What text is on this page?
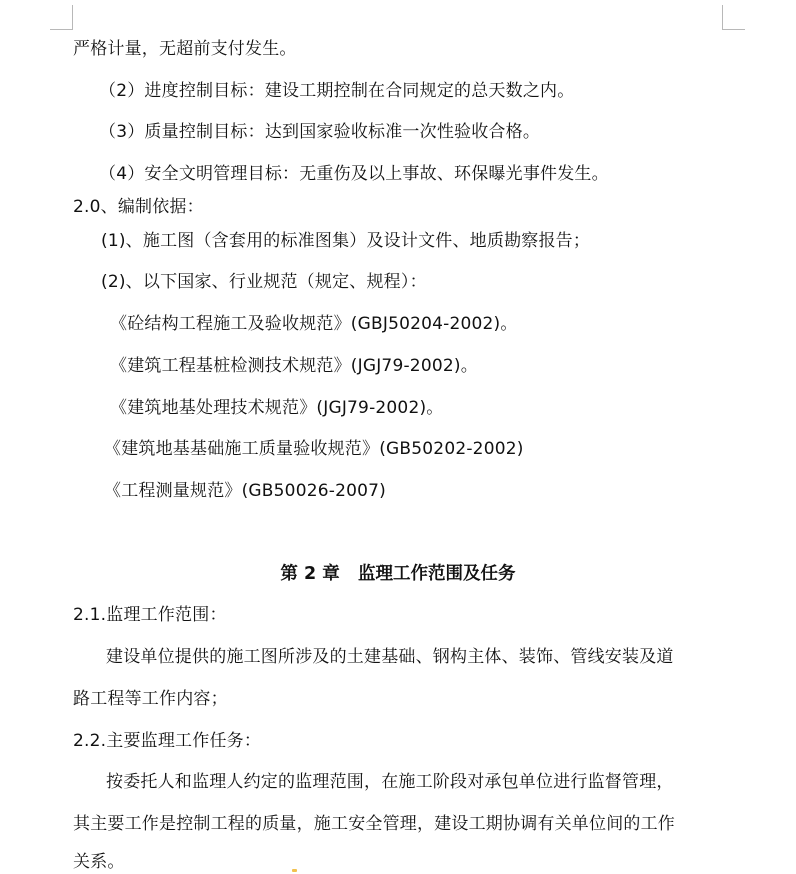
严格计量，无超前支付发生。
（2）进度控制目标：建设工期控制在合同规定的总天数之内。
（3）质量控制目标：达到国家验收标准一次性验收合格。
（4）安全文明管理目标：无重伤及以上事故、环保曝光事件发生。
2.0、编制依据：
(1)、施工图（含套用的标准图集）及设计文件、地质勘察报告；
(2)、以下国家、行业规范（规定、规程）：
《砼结构工程施工及验收规范》(GBJ50204-2002)。
《建筑工程基桩检测技术规范》(JGJ79-2002)。
《建筑地基处理技术规范》(JGJ79-2002)。
《建筑地基基础施工质量验收规范》(GB50202-2002)
《工程测量规范》(GB50026-2007)
第 2 章   监理工作范围及任务
2.1.监理工作范围：
建设单位提供的施工图所涉及的土建基础、钢构主体、装饰、管线安装及道
路工程等工作内容；
2.2.主要监理工作任务：
按委托人和监理人约定的监理范围，在施工阶段对承包单位进行监督管理，
其主要工作是控制工程的质量，施工安全管理，建设工期协调有关单位间的工作
关系。
